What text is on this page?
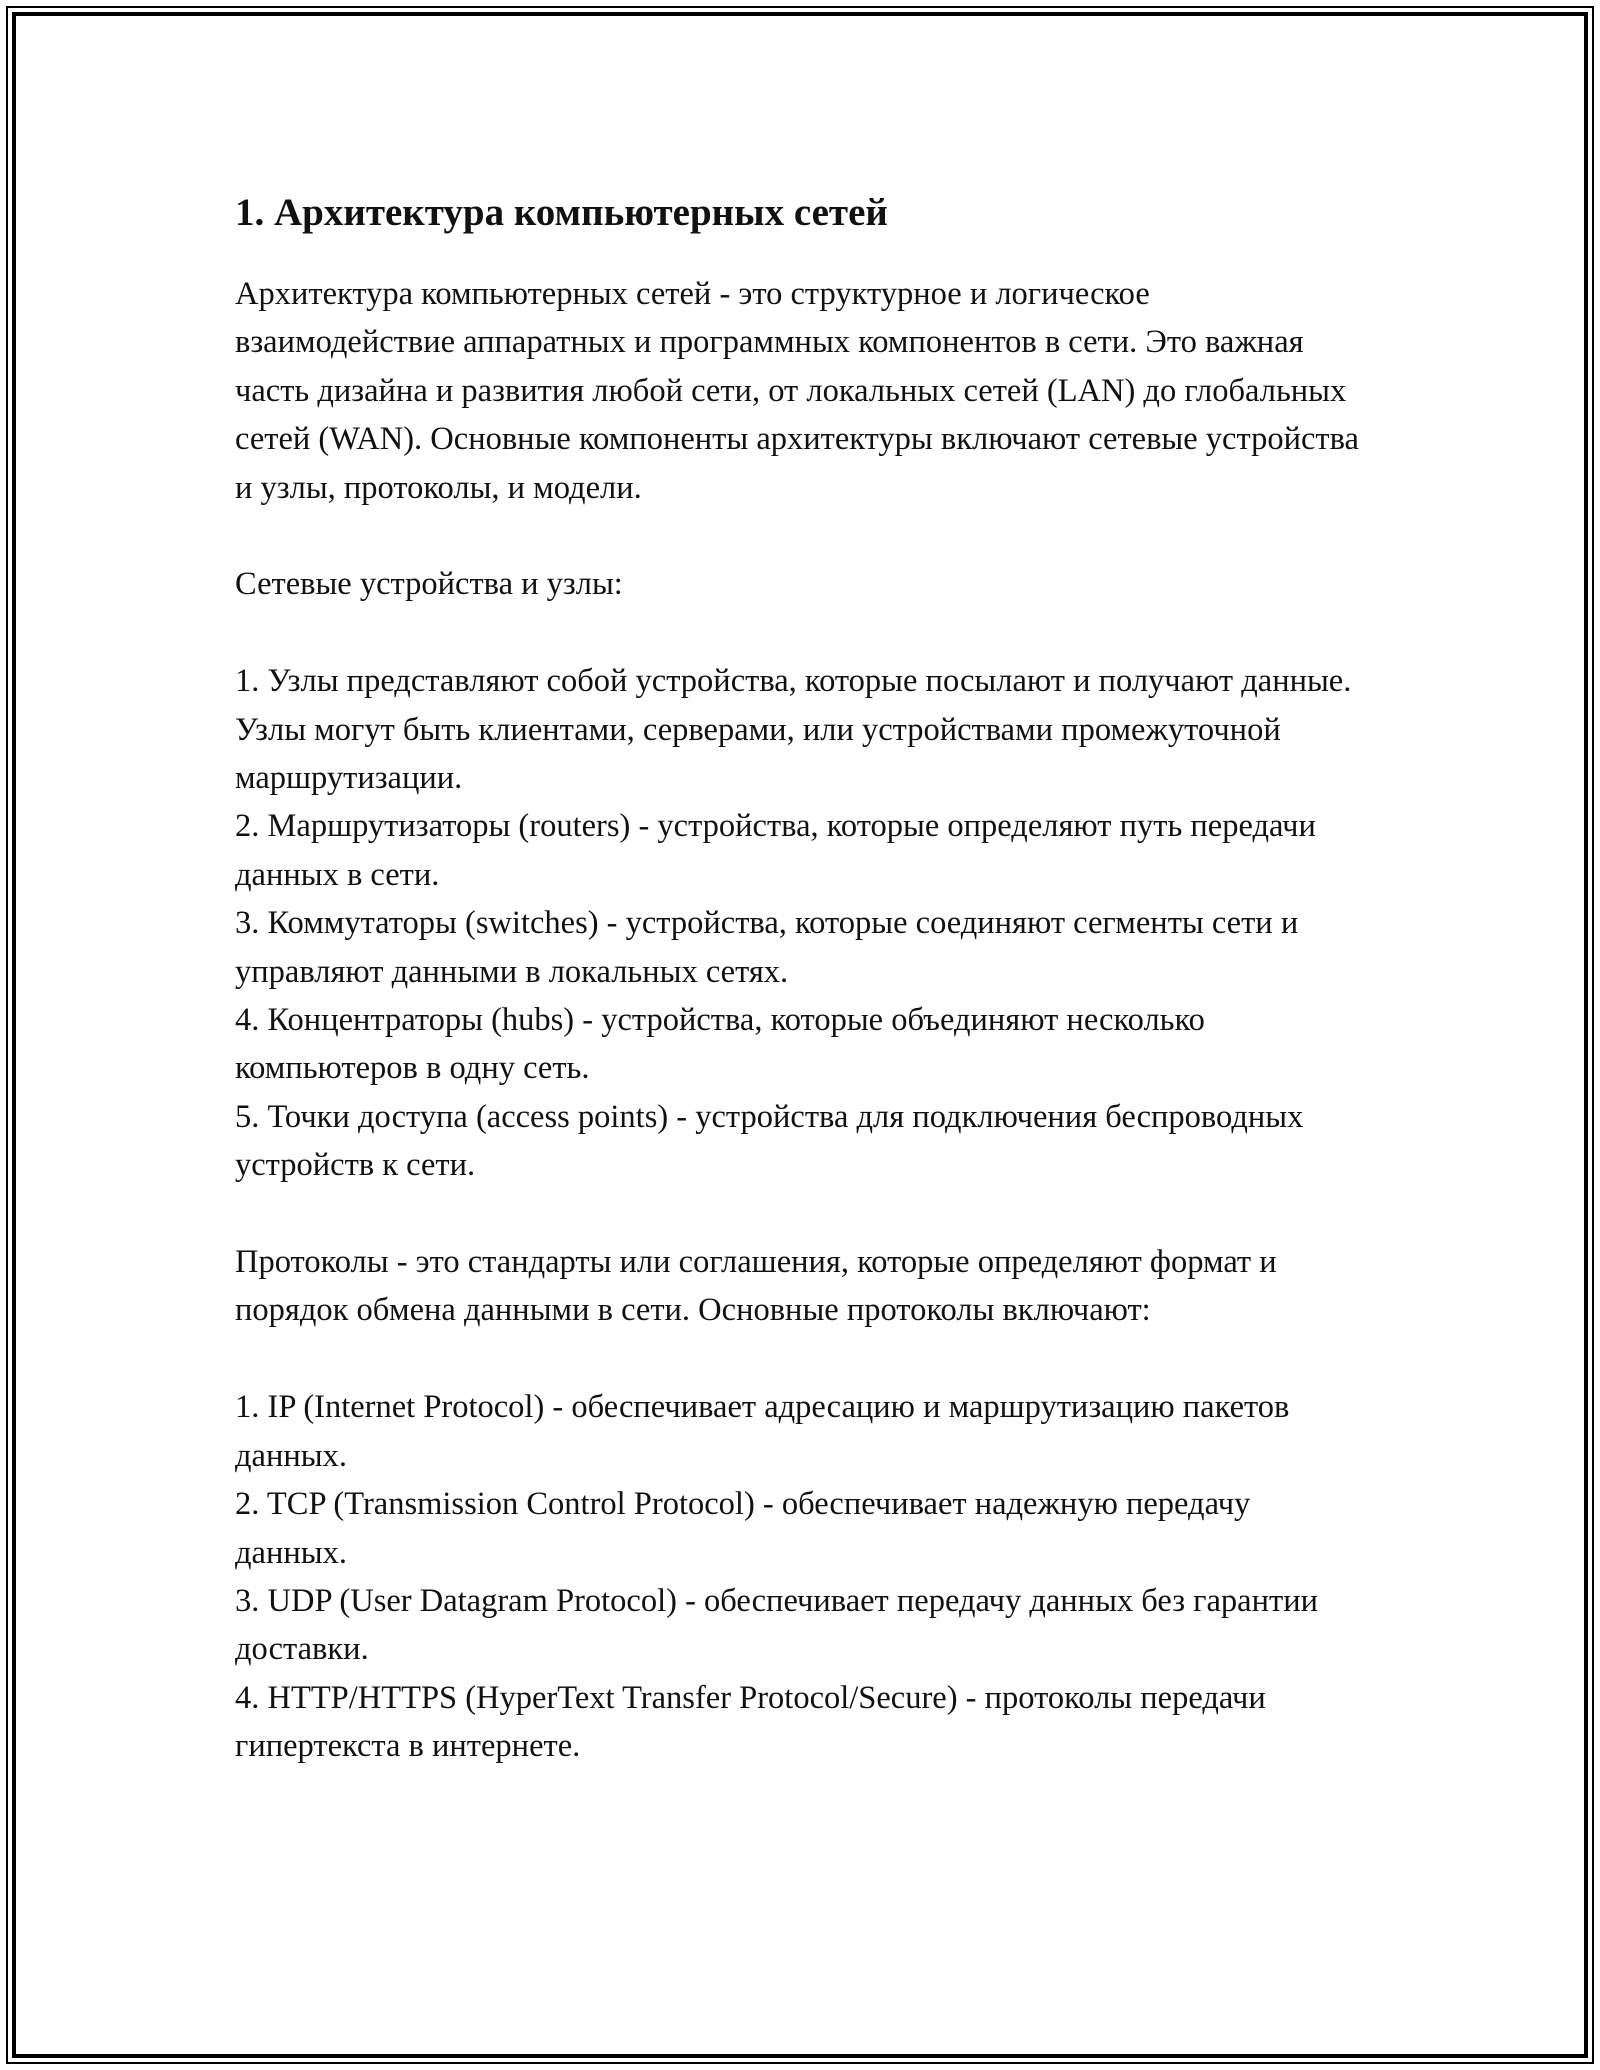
1. Архитектура компьютерных сетей

Архитектура компьютерных сетей - это структурное и логическое взаимодействие аппаратных и программных компонентов в сети. Это важная часть дизайна и развития любой сети, от локальных сетей (LAN) до глобальных сетей (WAN). Основные компоненты архитектуры включают сетевые устройства и узлы, протоколы, и модели.

Сетевые устройства и узлы:

1. Узлы представляют собой устройства, которые посылают и получают данные. Узлы могут быть клиентами, серверами, или устройствами промежуточной маршрутизации.
2. Маршрутизаторы (routers) - устройства, которые определяют путь передачи данных в сети.
3. Коммутаторы (switches) - устройства, которые соединяют сегменты сети и управляют данными в локальных сетях.
4. Концентраторы (hubs) - устройства, которые объединяют несколько компьютеров в одну сеть.
5. Точки доступа (access points) - устройства для подключения беспроводных устройств к сети.

Протоколы - это стандарты или соглашения, которые определяют формат и порядок обмена данными в сети. Основные протоколы включают:

1. IP (Internet Protocol) - обеспечивает адресацию и маршрутизацию пакетов данных.
2. TCP (Transmission Control Protocol) - обеспечивает надежную передачу данных.
3. UDP (User Datagram Protocol) - обеспечивает передачу данных без гарантии доставки.
4. HTTP/HTTPS (HyperText Transfer Protocol/Secure) - протоколы передачи гипертекста в интернете.
